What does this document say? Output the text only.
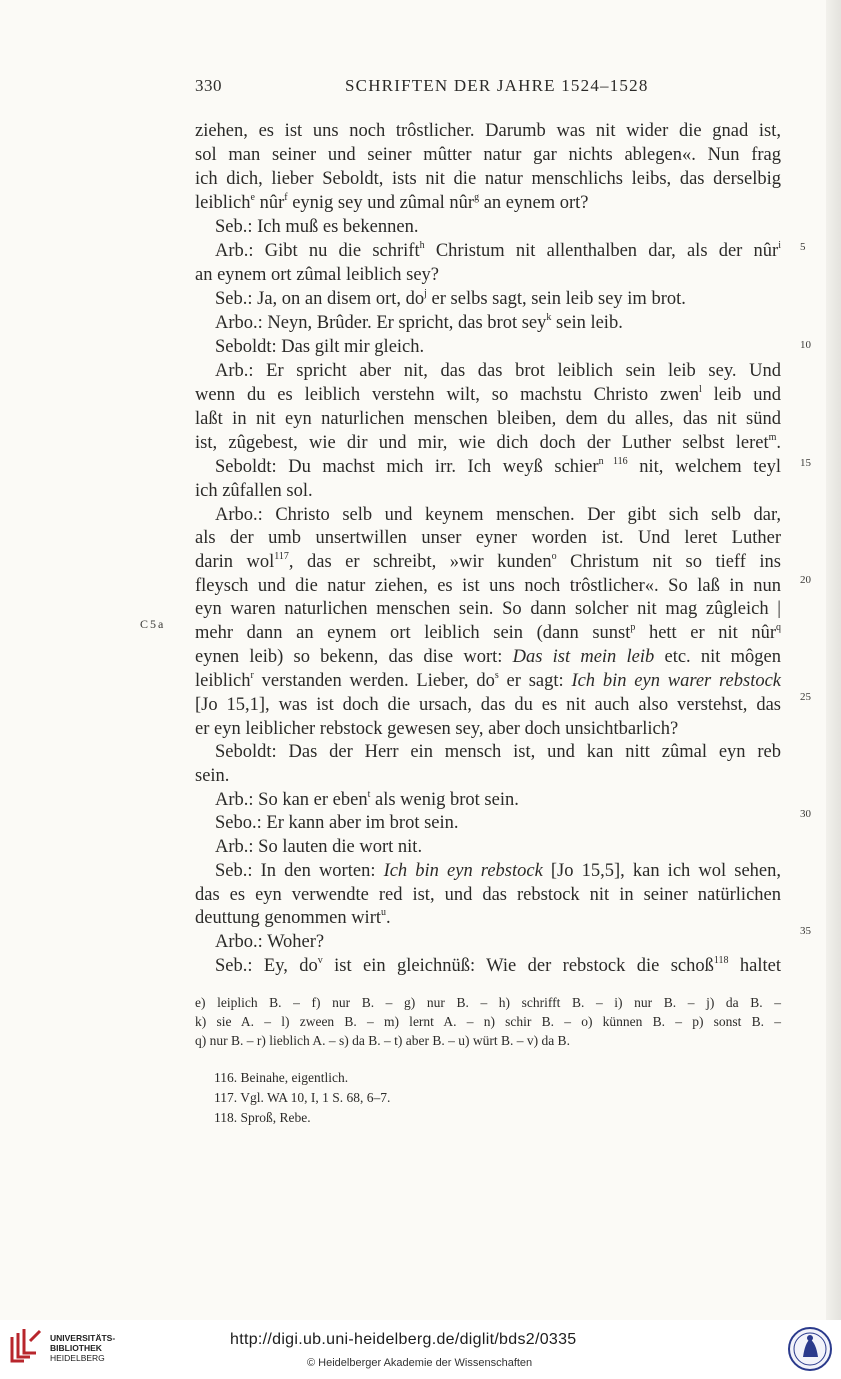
330	SCHRIFTEN DER JAHRE 1524–1528
ziehen, es ist uns noch trôstlicher. Darumb was nit wider die gnad ist,
sol man seiner und seiner mûtter natur gar nichts ablegen«. Nun frag
ich dich, lieber Seboldt, ists nit die natur menschlichs leibs, das derselbig
leiblich$^e$ nûr$^f$ eynig sey und zûmal nûr$^g$ an eynem ort?
Seb.: Ich muß es bekennen.
Arb.: Gibt nu die schrift$^h$ Christum nit allenthalben dar, als der nûr$^i$
an eynem ort zûmal leiblich sey?
Seb.: Ja, on an disem ort, $do^j$ er selbs sagt, sein leib sey im brot.
Arbo.: Neyn, Brûder. Er spricht, das brot sey$^k$ sein leib.
Seboldt: Das gilt mir gleich.
Arb.: Er spricht aber nit, das das brot leiblich sein leib sey. Und
wenn du es leiblich verstehn wilt, so machstu Christo zwen$^l$ leib und
laßt in nit eyn naturlichen menschen bleiben, dem du alles, das nit sünd
ist, zûgebest, wie dir und mir, wie dich doch der Luther selbst leret$^m$.
Seboldt: Du machst mich irr. Ich weyß schier$^{n 116}$ nit, welchem teyl
ich zûfallen sol.
Arbo.: Christo selb und keynem menschen. Der gibt sich selb dar,
als der umb unsertwillen unser eyner worden ist. Und leret Luther
darin wol$^{117}$, das er schreibt, »wir kunden$^o$ Christum nit so tieff ins
fleysch und die natur ziehen, es ist uns noch trôstlicher«. So laß in nun
eyn waren naturlichen menschen sein. So dann solcher nit mag zûgleich |
mehr dann an eynem ort leiblich sein (dann sunst$^p$ hett er nit nûr$^q$
eynen leib) so bekenn, das dise wort: Das ist mein leib etc. nit môgen
leiblich$^r$ verstanden werden. Lieber, $do^s$ er sagt: Ich bin eyn warer rebstock
[Jo 15,1], was ist doch die ursach, das du es nit auch also verstehst, das
er eyn leiblicher rebstock gewesen sey, aber doch unsichtbarlich?
Seboldt: Das der Herr ein mensch ist, und kan nitt zûmal eyn reb
sein.
Arb.: So kan er eben$^t$ als wenig brot sein.
Sebo.: Er kann aber im brot sein.
Arb.: So lauten die wort nit.
Seb.: In den worten: Ich bin eyn rebstock [Jo 15,5], kan ich wol sehen,
das es eyn verwendte red ist, und das rebstock nit in seiner natürlichen
deuttung genommen wirt$^u$.
Arbo.: Woher?
Seb.: Ey, $do^v$ ist ein gleichnüß: Wie der rebstock die schoß$^{118}$ haltet
5
10
15
20
25
30
35
C5a
e) leiplich B. – f) nur B. – g) nur B. – h) schrifft B. – i) nur B. – j) da B. –
k) sie A. – l) zween B. – m) lernt A. – n) schir B. – o) künnen B. – p) sonst B. –
q) nur B. – r) lieblich A. – s) da B. – t) aber B. – u) würt B. – v) da B.
116. Beinahe, eigentlich.
117. Vgl. WA 10, I, 1 S. 68, 6–7.
118. Sproß, Rebe.
UNIVERSITÄTS-
BIBLIOTHEK
HEIDELBERG
http://digi.ub.uni-heidelberg.de/diglit/bds2/0335
© Heidelberger Akademie der Wissenschaften
